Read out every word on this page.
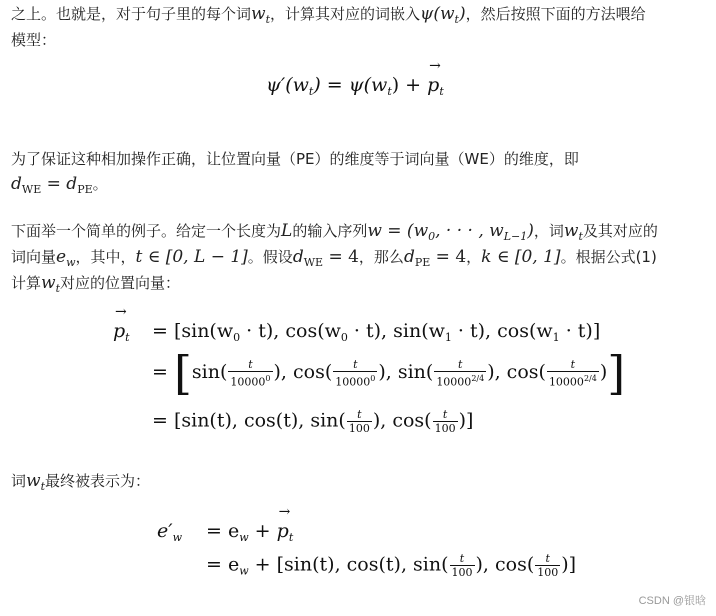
之上。也就是，对于句子里的每个词$w_t$，计算其对应的词嵌入$\psi(w_t)$，然后按照下面的方法喂给
模型：
$\psi'(w_t) = \psi(w_t)$ + → $p_t$
为了保证这种相加操作正确，让位置向量（PE）的维度等于词向量（WE）的维度，即
$d_{WE} = d_{PE}$。
下面举一个简单的例子。给定一个长度为L的输入序列$w = (w_0$, · · · , $w_{L-1}$)，词$w_t$及其对应的
词向量$e_w$，其中，t ∈ [0, L − 1]。假设$d_{WE} = 4$，那么$d_{PE} = 4$，k ∈ [0, 1]。根据公式(1)
计算$w_t$对应的位置向量：
→ $p_t = [\sin(w_0 \cdot t)$, $\cos(w_0 \cdot t)$, $\sin(w_1 \cdot t)$, $\cos(w_1 \cdot t)$]
= [$\sin( \frac{t}{10000^0}$ ), $\cos( \frac{t}{10000^0}$ ), $\sin( \frac{t}{10000^{2/4}}$ ), $\cos( \frac{t}{10000^{2/4}}$ )]
= [sin(t), cos(t), $\sin( \frac{t}{100}$ ), $\cos( \frac{t}{100}$ )]
词$w_t$最终被表示为：
$e'_w = e_w$ + → $p_t$
= $e_w + [\sin(t)$, cos(t), $\sin( \frac{t}{100}$ ), $\cos( \frac{t}{100}$ )]
CSDN @银晗
